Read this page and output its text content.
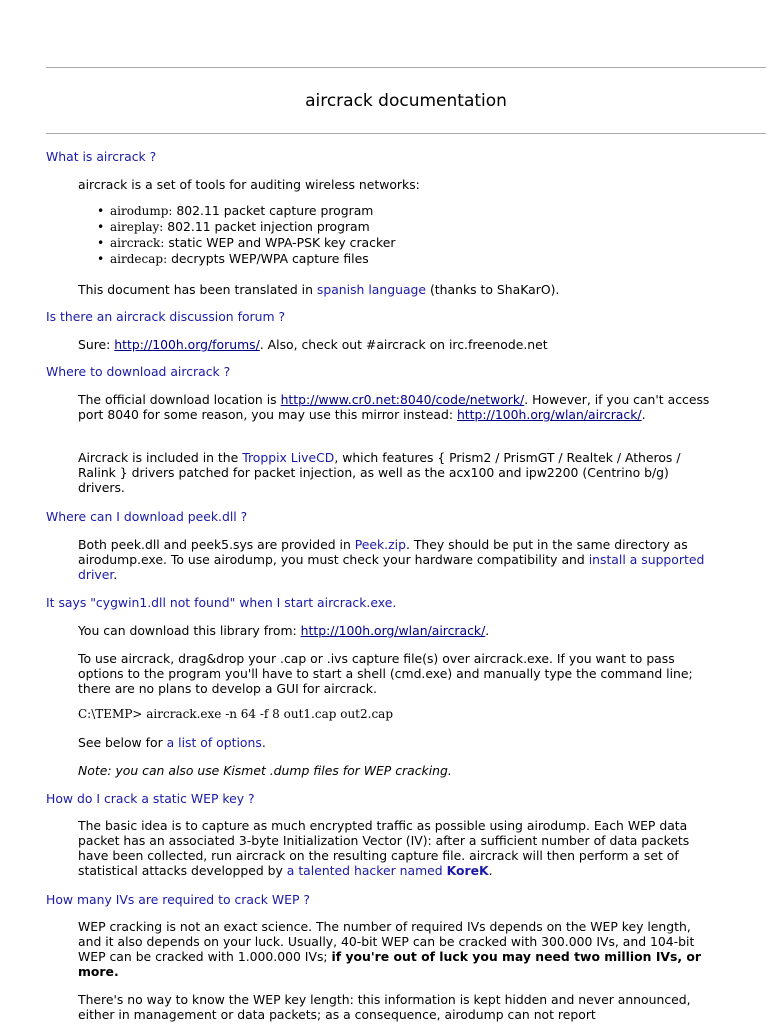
aircrack documentation
What is aircrack ?
aircrack is a set of tools for auditing wireless networks:
• airodump: 802.11 packet capture program
• aireplay: 802.11 packet injection program
• aircrack: static WEP and WPA-PSK key cracker
• airdecap: decrypts WEP/WPA capture files
This document has been translated in spanish language (thanks to ShaKarO).
Is there an aircrack discussion forum ?
Sure: http://100h.org/forums/. Also, check out #aircrack on irc.freenode.net
Where to download aircrack ?
The official download location is http://www.cr0.net:8040/code/network/. However, if you can't access port 8040 for some reason, you may use this mirror instead: http://100h.org/wlan/aircrack/.
Aircrack is included in the Troppix LiveCD, which features { Prism2 / PrismGT / Realtek / Atheros / Ralink } drivers patched for packet injection, as well as the acx100 and ipw2200 (Centrino b/g) drivers.
Where can I download peek.dll ?
Both peek.dll and peek5.sys are provided in Peek.zip. They should be put in the same directory as airodump.exe. To use airodump, you must check your hardware compatibility and install a supported driver.
It says "cygwin1.dll not found" when I start aircrack.exe.
You can download this library from: http://100h.org/wlan/aircrack/.
To use aircrack, drag&drop your .cap or .ivs capture file(s) over aircrack.exe. If you want to pass options to the program you'll have to start a shell (cmd.exe) and manually type the command line; there are no plans to develop a GUI for aircrack.
C:\TEMP> aircrack.exe -n 64 -f 8 out1.cap out2.cap
See below for a list of options.
Note: you can also use Kismet .dump files for WEP cracking.
How do I crack a static WEP key ?
The basic idea is to capture as much encrypted traffic as possible using airodump. Each WEP data packet has an associated 3-byte Initialization Vector (IV): after a sufficient number of data packets have been collected, run aircrack on the resulting capture file. aircrack will then perform a set of statistical attacks developped by a talented hacker named KoreK.
How many IVs are required to crack WEP ?
WEP cracking is not an exact science. The number of required IVs depends on the WEP key length, and it also depends on your luck. Usually, 40-bit WEP can be cracked with 300.000 IVs, and 104-bit WEP can be cracked with 1.000.000 IVs; if you're out of luck you may need two million IVs, or more.
There's no way to know the WEP key length: this information is kept hidden and never announced, either in management or data packets; as a consequence, airodump can not report
